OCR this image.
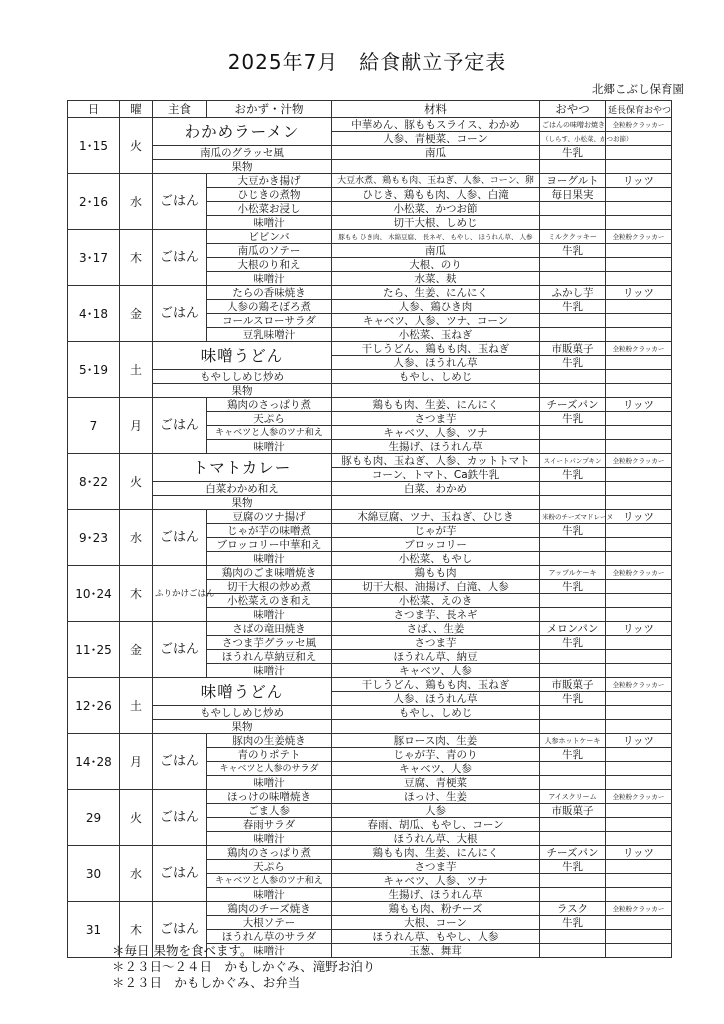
2025年7月　給食献立予定表
北郷こぶし保育園
日	曜	主食	おかず・汁物	材料	おやつ	延長保育おやつ
1･15	火	わかめラーメン		中華めん、豚ももスライス、わかめ	ごはんの味噌お焼き	全粒粉クラッカー
				人参、青梗菜、コーン	（しらす、小松菜、かつお節）	
		南瓜のグラッセ風		南瓜	牛乳	
		果物				
2･16	水	ごはん	大豆かき揚げ	大豆水煮、鶏もも肉、玉ねぎ、人参、コーン、卵	ヨーグルト	リッツ
			ひじきの煮物	ひじき、鶏もも肉、人参、白滝	毎日果実	
			小松菜お浸し	小松菜、かつお節		
			味噌汁	切干大根、しめじ		
3･17	木	ごはん	ビビンバ	豚もも ひき肉、 木綿豆腐、 長ネギ、 もやし、 ほうれん草、 人参	ミルククッキー	全粒粉クラッカー
			南瓜のソテー	南瓜	牛乳	
			大根のり和え	大根、のり		
			味噌汁	水菜、麸		
4･18	金	ごはん	たらの香味焼き	たら、生姜、にんにく	ふかし芋	リッツ
			人参の鶏そぼろ煮	人参、鶏ひき肉	牛乳	
			コールスローサラダ	キャベツ、人参、ツナ、コーン		
			豆乳味噌汁	小松菜、玉ねぎ		
5･19	土	味噌うどん		干しうどん、鶏もも肉、玉ねぎ	市販菓子	全粒粉クラッカー
				人参、ほうれん草	牛乳	
		もやししめじ炒め		もやし、しめじ		
		果物				
7	月	ごはん	鶏肉のさっぱり煮	鶏もも肉、生姜、にんにく	チーズパン	リッツ
			天ぷら	さつま芋	牛乳	
			キャベツと人参のツナ和え	キャベツ、人参、ツナ		
			味噌汁	生揚げ、ほうれん草		
8･22	火	トマトカレー		豚もも肉、玉ねぎ、人参、カットトマト	スイートパンプキン	全粒粉クラッカー
				コーン、トマト、Ca鉄牛乳	牛乳	
		白菜わかめ和え		白菜、わかめ		
		果物				
9･23	水	ごはん	豆腐のツナ揚げ	木綿豆腐、ツナ、玉ねぎ、ひじき	米粉のチーズマドレーヌ	リッツ
			じゃが芋の味噌煮	じゃが芋	牛乳	
			ブロッコリー中華和え	ブロッコリー		
			味噌汁	小松菜、もやし		
10･24	木	ふりかけごはん	鶏肉のごま味噌焼き	鶏もも肉	アップルケーキ	全粒粉クラッカー
			切干大根の炒め煮	切干大根、油揚げ、白滝、人参	牛乳	
			小松菜えのき和え	小松菜、えのき		
			味噌汁	さつま芋、長ネギ		
11･25	金	ごはん	さばの竜田焼き	さば、、生姜	メロンパン	リッツ
			さつま芋グラッセ風	さつま芋	牛乳	
			ほうれん草納豆和え	ほうれん草、納豆		
			味噌汁	キャベツ、人参		
12･26	土	味噌うどん		干しうどん、鶏もも肉、玉ねぎ	市販菓子	全粒粉クラッカー
				人参、ほうれん草	牛乳	
		もやししめじ炒め		もやし、しめじ		
		果物				
14･28	月	ごはん	豚肉の生姜焼き	豚ロース肉、生姜	人参ホットケーキ	リッツ
			青のりポテト	じゃが芋、青のり	牛乳	
			キャベツと人参のサラダ	キャベツ、人参		
			味噌汁	豆腐、青梗菜		
29	火	ごはん	ほっけの味噌焼き	ほっけ、生姜	アイスクリーム	全粒粉クラッカー
			ごま人参	人参	市販菓子	
			春雨サラダ	春雨、胡瓜、もやし、コーン		
			味噌汁	ほうれん草、大根		
30	水	ごはん	鶏肉のさっぱり煮	鶏もも肉、生姜、にんにく	チーズパン	リッツ
			天ぷら	さつま芋	牛乳	
			キャベツと人参のツナ和え	キャベツ、人参、ツナ		
			味噌汁	生揚げ、ほうれん草		
31	木	ごはん	鶏肉のチーズ焼き	鶏もも肉、粉チーズ	ラスク	全粒粉クラッカー
			大根ソテー	大根、コーン	牛乳	
			ほうれん草のサラダ	ほうれん草、もやし、人参		
			味噌汁	玉葱、舞茸		
＊毎日 果物を食べます。
＊２３日～２４日　かもしかぐみ、滝野お泊り
＊２３日　かもしかぐみ、お弁当
